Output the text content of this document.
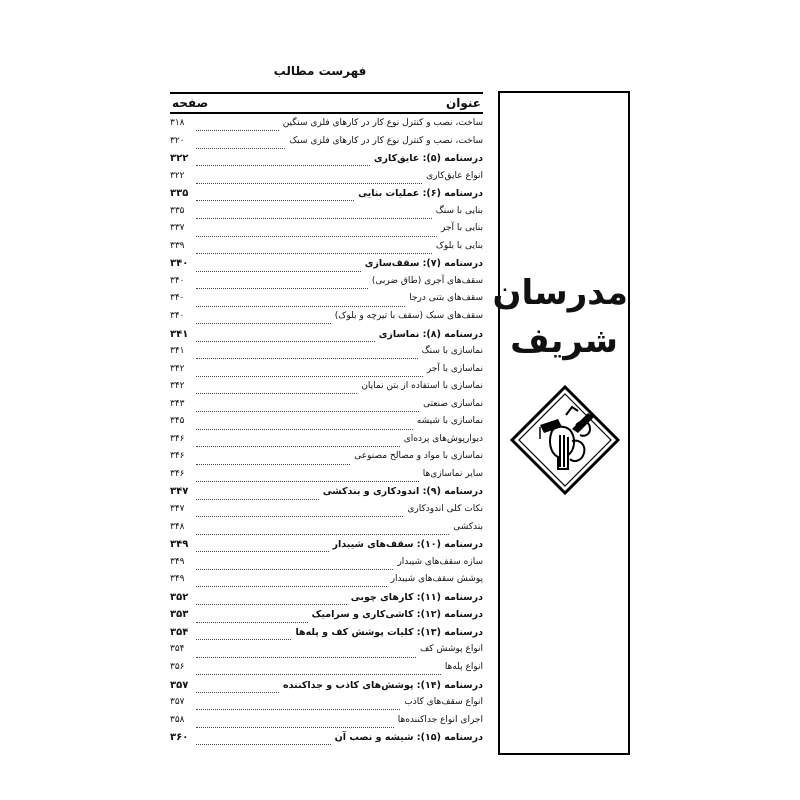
فهرست مطالب
عنوان
صفحه
ساخت، نصب و کنترل نوع کار در کارهای فلزی سنگین
۳۱۸
ساخت، نصب و کنترل نوع کار در کارهای فلزی سبک
۳۲۰
درسنامه (۵): عایق‌کاری
۳۲۲
انواع عایق‌کاری
۳۲۲
درسنامه (۶): عملیات بنایی
۳۳۵
بنایی با سنگ
۳۳۵
بنایی با آجر
۳۳۷
بنایی با بلوک
۳۳۹
درسنامه (۷): سقف‌سازی
۳۴۰
سقف‌های آجری (طاق ضربی)
۳۴۰
سقف‌های بتنی درجا
۳۴۰
سقف‌های سبک (سقف با تیرچه و بلوک)
۳۴۰
درسنامه (۸): نماسازی
۳۴۱
نماسازی با سنگ
۳۴۱
نماسازی با آجر
۳۴۲
نماسازی با استفاده از بتن نمایان
۳۴۲
نماسازی صنعتی
۳۴۳
نماسازی با شیشه
۳۴۵
دیوارپوش‌های پرده‌ای
۳۴۶
نماسازی با مواد و مصالح مصنوعی
۳۴۶
سایر نماسازی‌ها
۳۴۶
درسنامه (۹): اندودکاری و بندکشی
۳۴۷
نکات کلی اندودکاری
۳۴۷
بندکشی
۳۴۸
درسنامه (۱۰): سقف‌های شیبدار
۳۴۹
سازه سقف‌های شیبدار
۳۴۹
پوشش سقف‌های شیبدار
۳۴۹
درسنامه (۱۱): کارهای چوبی
۳۵۲
درسنامه (۱۲): کاشی‌کاری و سرامیک
۳۵۳
درسنامه (۱۳): کلیات پوشش کف و پله‌ها
۳۵۴
انواع پوشش کف
۳۵۴
انواع پله‌ها
۳۵۶
درسنامه (۱۴): پوشش‌های کاذب و جداکننده
۳۵۷
انواع سقف‌های کاذب
۳۵۷
اجرای انواع جداکننده‌ها
۳۵۸
درسنامه (۱۵): شیشه و نصب آن
۳۶۰
مدرسان
شریف
